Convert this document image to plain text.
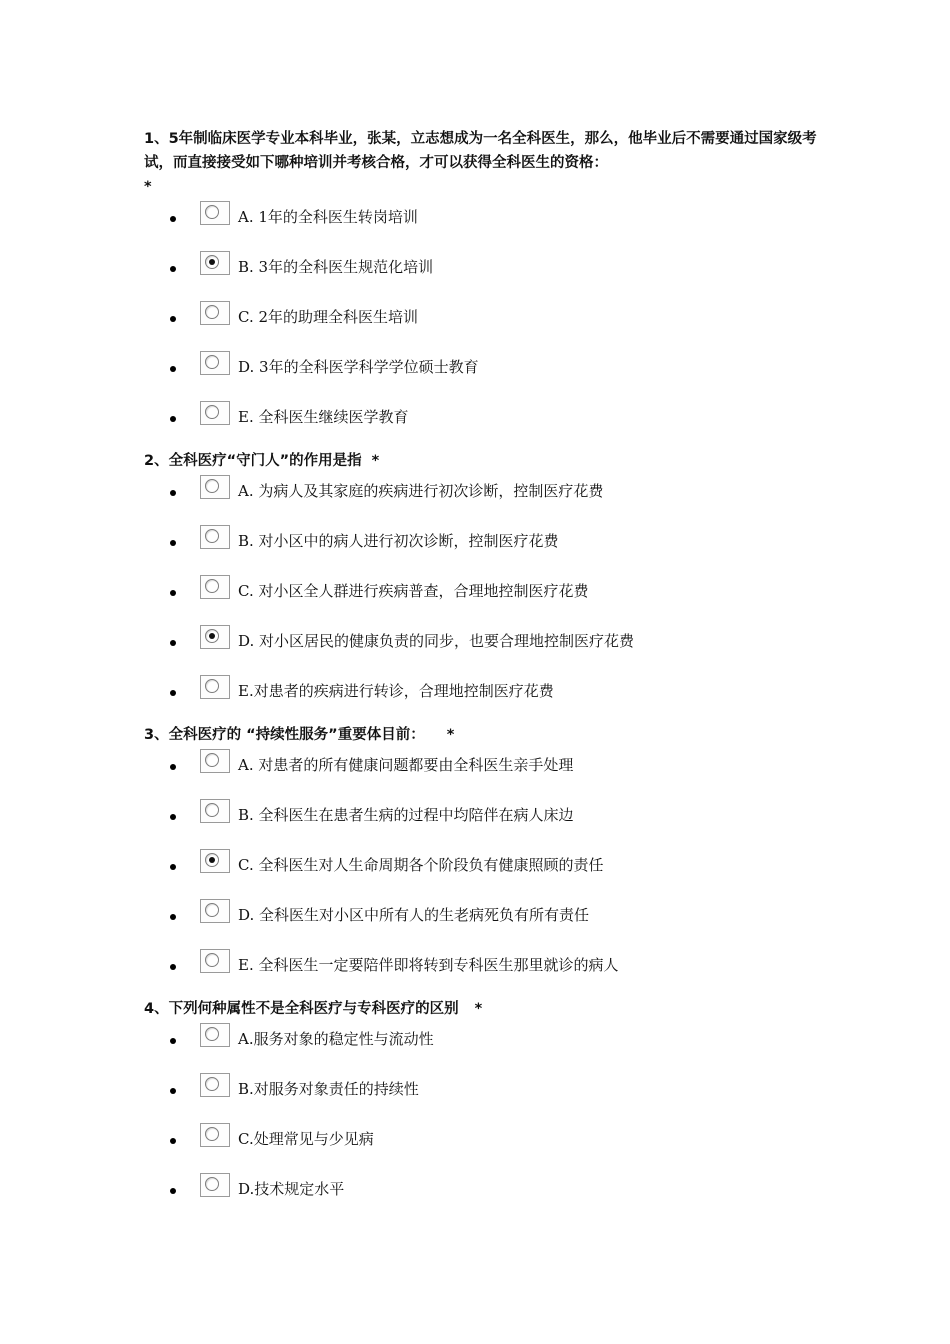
1、5年制临床医学专业本科毕业，张某，立志想成为一名全科医生，那么，他毕业后不需要通过国家级考试，而直接接受如下哪种培训并考核合格，才可以获得全科医生的资格：
*

A. 1年的全科医生转岗培训
B. 3年的全科医生规范化培训
C. 2年的助理全科医生培训
D. 3年的全科医学科学学位硕士教育
E. 全科医生继续医学教育

2、全科医疗“守门人”的作用是指 *

A. 为病人及其家庭的疾病进行初次诊断，控制医疗花费
B. 对小区中的病人进行初次诊断，控制医疗花费
C. 对小区全人群进行疾病普查，合理地控制医疗花费
D. 对小区居民的健康负责的同步，也要合理地控制医疗花费
E.对患者的疾病进行转诊，合理地控制医疗花费

3、全科医疗的 “持续性服务”重要体目前： *

A. 对患者的所有健康问题都要由全科医生亲手处理
B. 全科医生在患者生病的过程中均陪伴在病人床边
C. 全科医生对人生命周期各个阶段负有健康照顾的责任
D. 全科医生对小区中所有人的生老病死负有所有责任
E. 全科医生一定要陪伴即将转到专科医生那里就诊的病人

4、下列何种属性不是全科医疗与专科医疗的区别 *

A.服务对象的稳定性与流动性
B.对服务对象责任的持续性
C.处理常见与少见病
D.技术规定水平
